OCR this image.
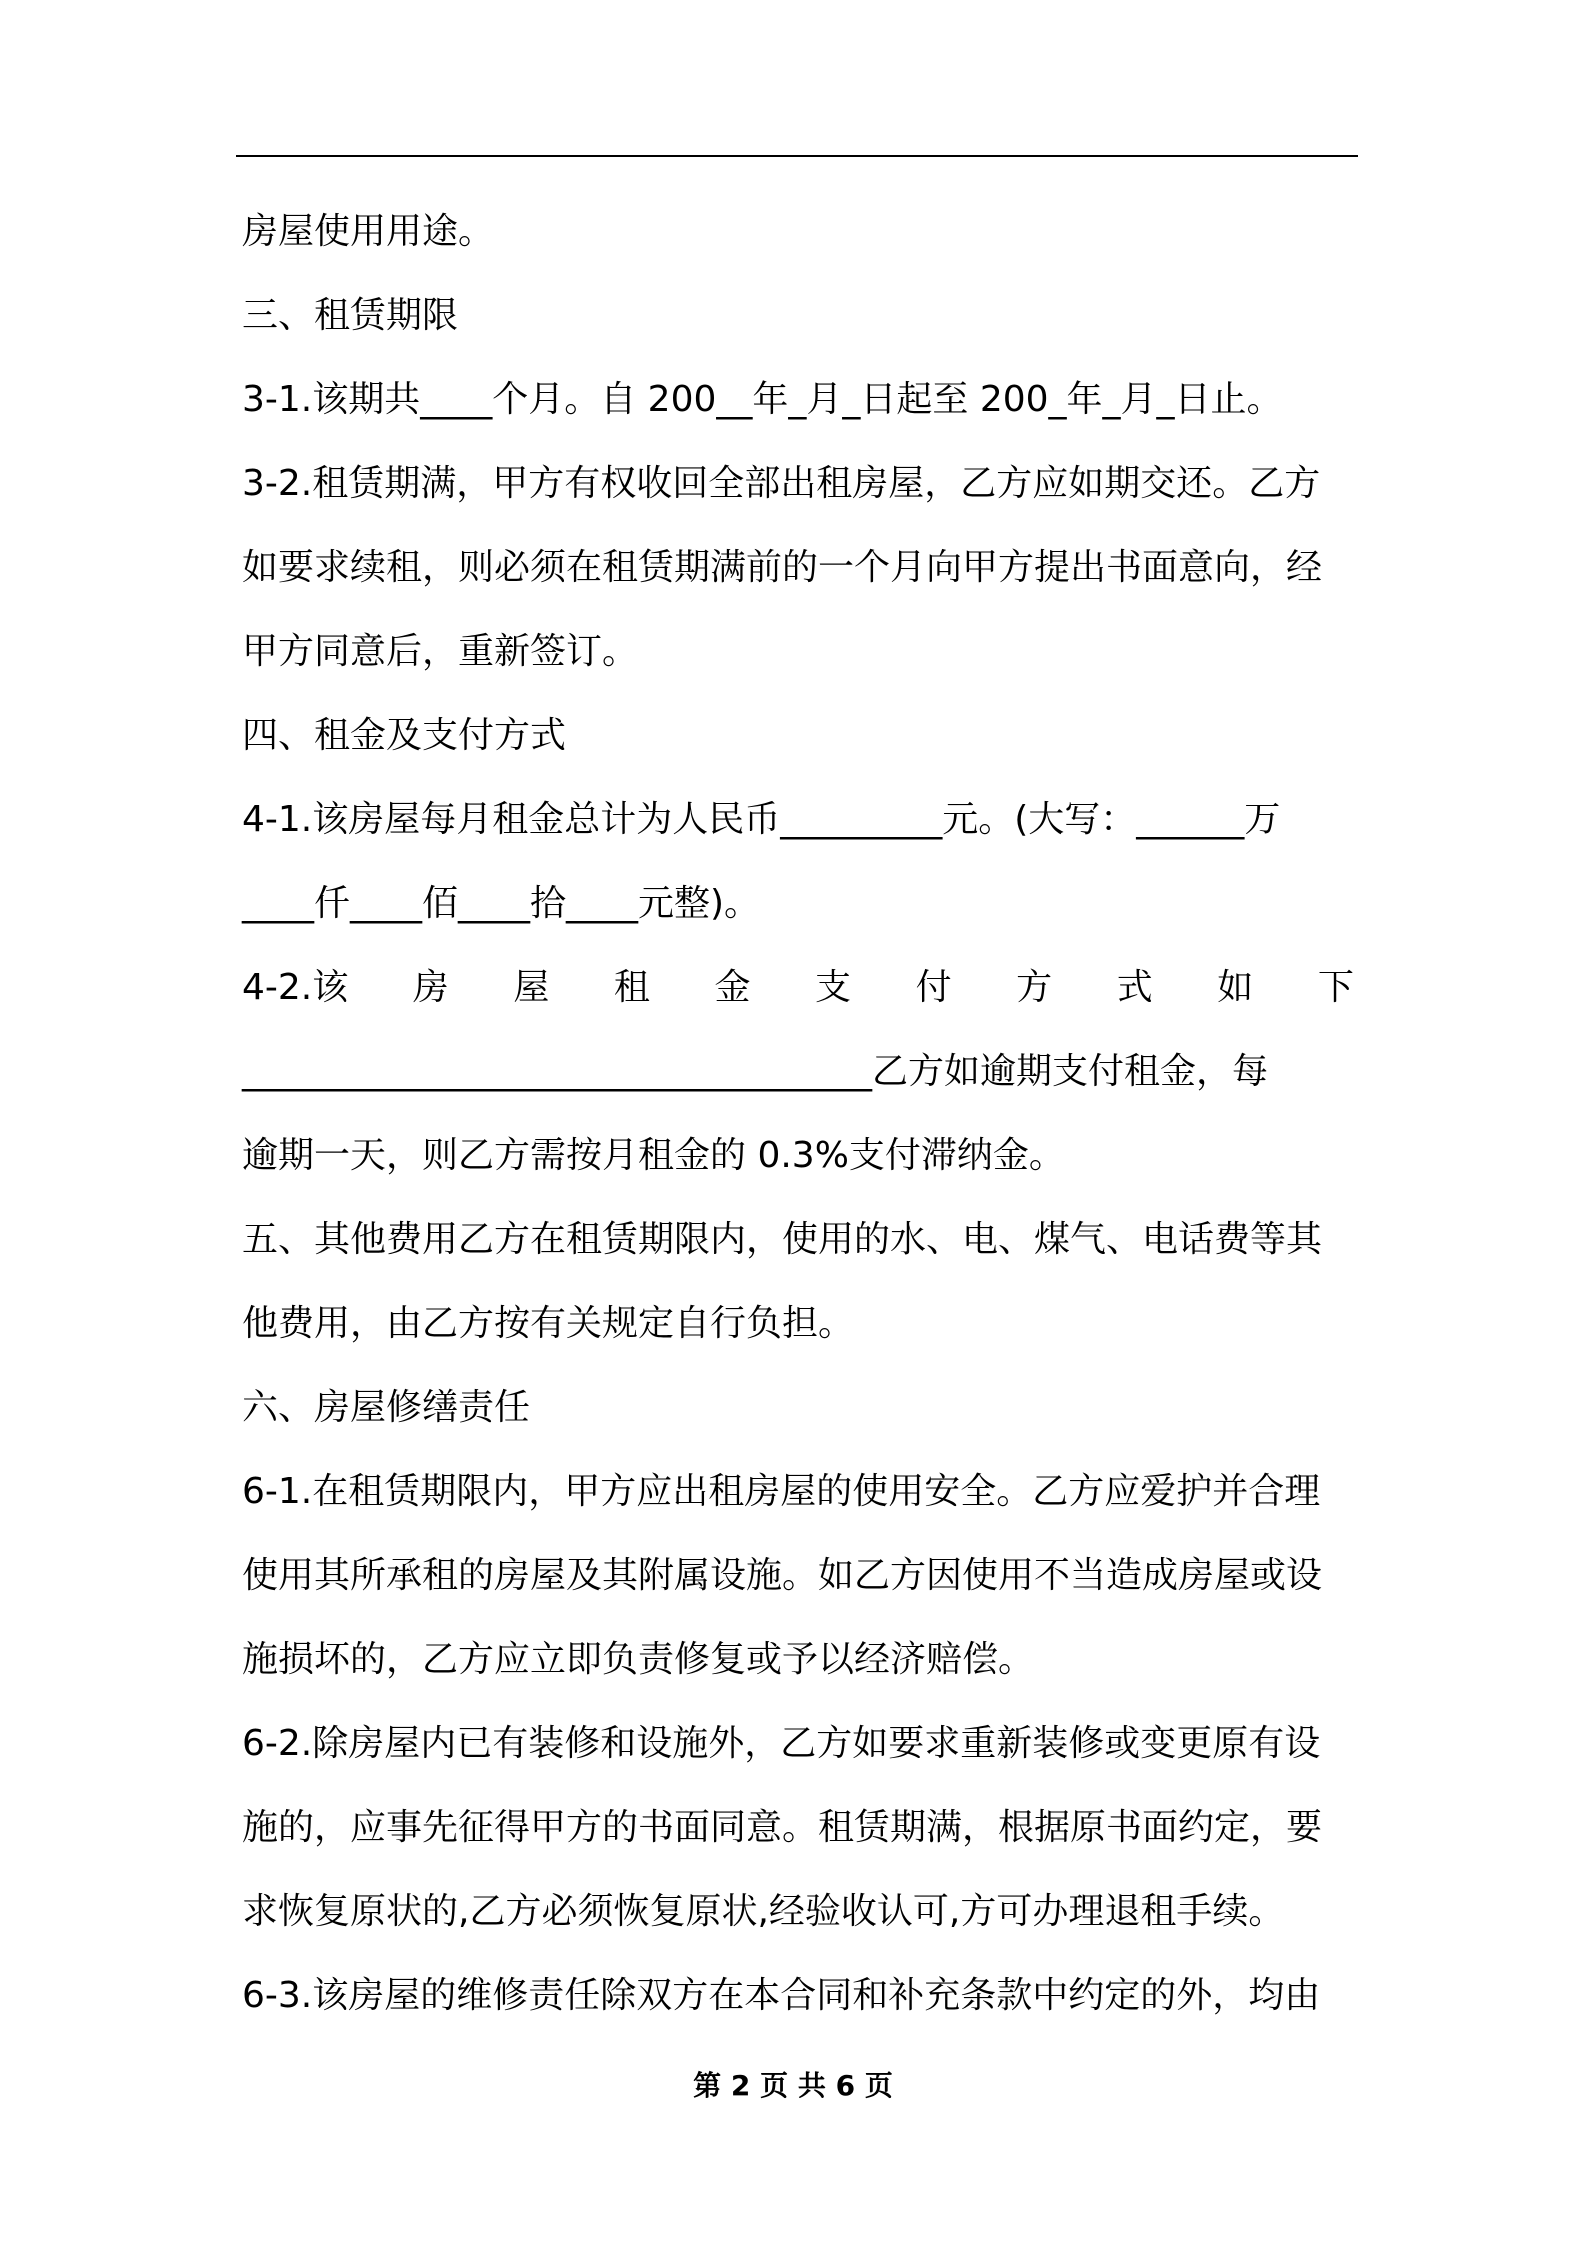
房屋使用用途。

三、租赁期限

3-1.该期共____个月。自 200__年_月_日起至 200_年_月_日止。

3-2.租赁期满，甲方有权收回全部出租房屋，乙方应如期交还。乙方

如要求续租，则必须在租赁期满前的一个月向甲方提出书面意向，经

甲方同意后，重新签订。

四、租金及支付方式

4-1.该房屋每月租金总计为人民币_________元。(大写：______万

____仟____佰____拾____元整)。

4-2.该 房 屋 租 金 支 付 方 式 如 下

___________________________________乙方如逾期支付租金，每

逾期一天，则乙方需按月租金的 0.3%支付滞纳金。

五、其他费用乙方在租赁期限内，使用的水、电、煤气、电话费等其

他费用，由乙方按有关规定自行负担。

六、房屋修缮责任

6-1.在租赁期限内，甲方应出租房屋的使用安全。乙方应爱护并合理

使用其所承租的房屋及其附属设施。如乙方因使用不当造成房屋或设

施损坏的，乙方应立即负责修复或予以经济赔偿。

6-2.除房屋内已有装修和设施外，乙方如要求重新装修或变更原有设

施的，应事先征得甲方的书面同意。租赁期满，根据原书面约定，要

求恢复原状的,乙方必须恢复原状,经验收认可,方可办理退租手续。

6-3.该房屋的维修责任除双方在本合同和补充条款中约定的外，均由

第 2 页 共 6 页
